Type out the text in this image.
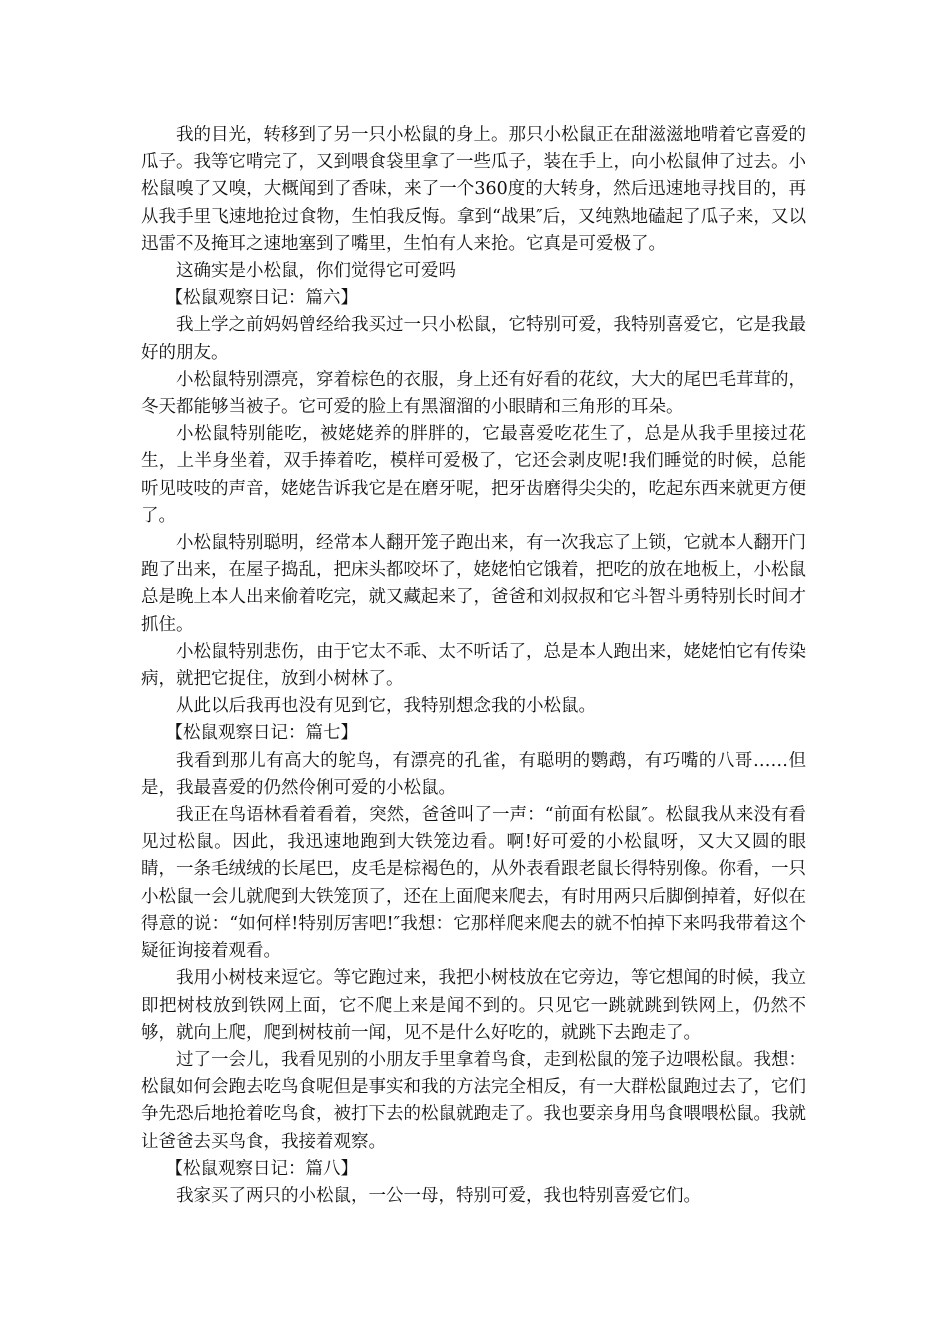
我的目光，转移到了另一只小松鼠的身上。那只小松鼠正在甜滋滋地啃着它喜爱的瓜子。我等它啃完了，又到喂食袋里拿了一些瓜子，装在手上，向小松鼠伸了过去。小松鼠嗅了又嗅，大概闻到了香味，来了一个360度的大转身，然后迅速地寻找目的，再从我手里飞速地抢过食物，生怕我反悔。拿到“战果″后，又纯熟地磕起了瓜子来，又以迅雷不及掩耳之速地塞到了嘴里，生怕有人来抢。它真是可爱极了。

这确实是小松鼠，你们觉得它可爱吗

【松鼠观察日记：篇六】

我上学之前妈妈曾经给我买过一只小松鼠，它特别可爱，我特别喜爱它，它是我最好的朋友。

小松鼠特别漂亮，穿着棕色的衣服，身上还有好看的花纹，大大的尾巴毛茸茸的，冬天都能够当被子。它可爱的脸上有黑溜溜的小眼睛和三角形的耳朵。

小松鼠特别能吃，被姥姥养的胖胖的，它最喜爱吃花生了，总是从我手里接过花生，上半身坐着，双手捧着吃，模样可爱极了，它还会剥皮呢!我们睡觉的时候，总能听见吱吱的声音，姥姥告诉我它是在磨牙呢，把牙齿磨得尖尖的，吃起东西来就更方便了。

小松鼠特别聪明，经常本人翻开笼子跑出来，有一次我忘了上锁，它就本人翻开门跑了出来，在屋子捣乱，把床头都咬坏了，姥姥怕它饿着，把吃的放在地板上，小松鼠总是晚上本人出来偷着吃完，就又藏起来了，爸爸和刘叔叔和它斗智斗勇特别长时间才抓住。

小松鼠特别悲伤，由于它太不乖、太不听话了，总是本人跑出来，姥姥怕它有传染病，就把它捉住，放到小树林了。

从此以后我再也没有见到它，我特别想念我的小松鼠。

【松鼠观察日记：篇七】

我看到那儿有高大的鸵鸟，有漂亮的孔雀，有聪明的鹦鹉，有巧嘴的八哥……但是，我最喜爱的仍然伶俐可爱的小松鼠。

我正在鸟语林看着看着，突然，爸爸叫了一声：“前面有松鼠″。松鼠我从来没有看见过松鼠。因此，我迅速地跑到大铁笼边看。啊!好可爱的小松鼠呀，又大又圆的眼睛，一条毛绒绒的长尾巴，皮毛是棕褐色的，从外表看跟老鼠长得特别像。你看，一只小松鼠一会儿就爬到大铁笼顶了，还在上面爬来爬去，有时用两只后脚倒掉着，好似在得意的说：“如何样!特别厉害吧!″我想：它那样爬来爬去的就不怕掉下来吗我带着这个疑征询接着观看。

我用小树枝来逗它。等它跑过来，我把小树枝放在它旁边，等它想闻的时候，我立即把树枝放到铁网上面，它不爬上来是闻不到的。只见它一跳就跳到铁网上，仍然不够，就向上爬，爬到树枝前一闻，见不是什么好吃的，就跳下去跑走了。

过了一会儿，我看见别的小朋友手里拿着鸟食，走到松鼠的笼子边喂松鼠。我想：松鼠如何会跑去吃鸟食呢但是事实和我的方法完全相反，有一大群松鼠跑过去了，它们争先恐后地抢着吃鸟食，被打下去的松鼠就跑走了。我也要亲身用鸟食喂喂松鼠。我就让爸爸去买鸟食，我接着观察。

【松鼠观察日记：篇八】

我家买了两只的小松鼠，一公一母，特别可爱，我也特别喜爱它们。
